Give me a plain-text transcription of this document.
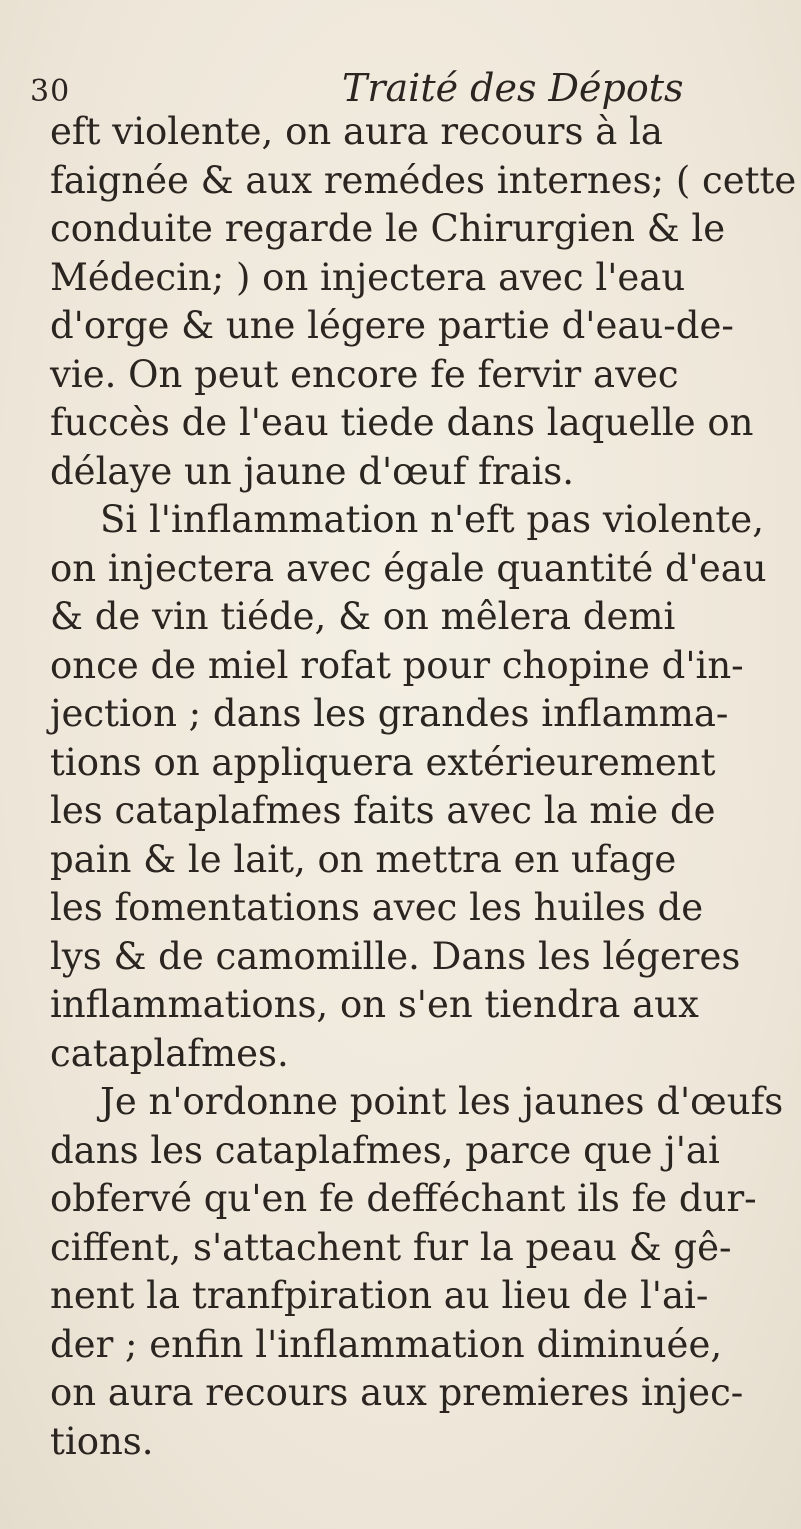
30	Traité des Dépots
eft violente, on aura recours à la
faignée & aux remédes internes; ( cette
conduite regarde le Chirurgien & le
Médecin; ) on injectera avec l'eau
d'orge & une légere partie d'eau-de-
vie. On peut encore fe fervir avec
fuccès de l'eau tiede dans laquelle on
délaye un jaune d'œuf frais.
Si l'inflammation n'eft pas violente,
on injectera avec égale quantité d'eau
& de vin tiéde, & on mêlera demi
once de miel rofat pour chopine d'in-
jection ; dans les grandes inflamma-
tions on appliquera extérieurement
les cataplafmes faits avec la mie de
pain & le lait, on mettra en ufage
les fomentations avec les huiles de
lys & de camomille. Dans les légeres
inflammations, on s'en tiendra aux
cataplafmes.
Je n'ordonne point les jaunes d'œufs
dans les cataplafmes, parce que j'ai
obfervé qu'en fe defféchant ils fe dur-
ciffent, s'attachent fur la peau & gê-
nent la tranfpiration au lieu de l'ai-
der ; enfin l'inflammation diminuée,
on aura recours aux premieres injec-
tions.
